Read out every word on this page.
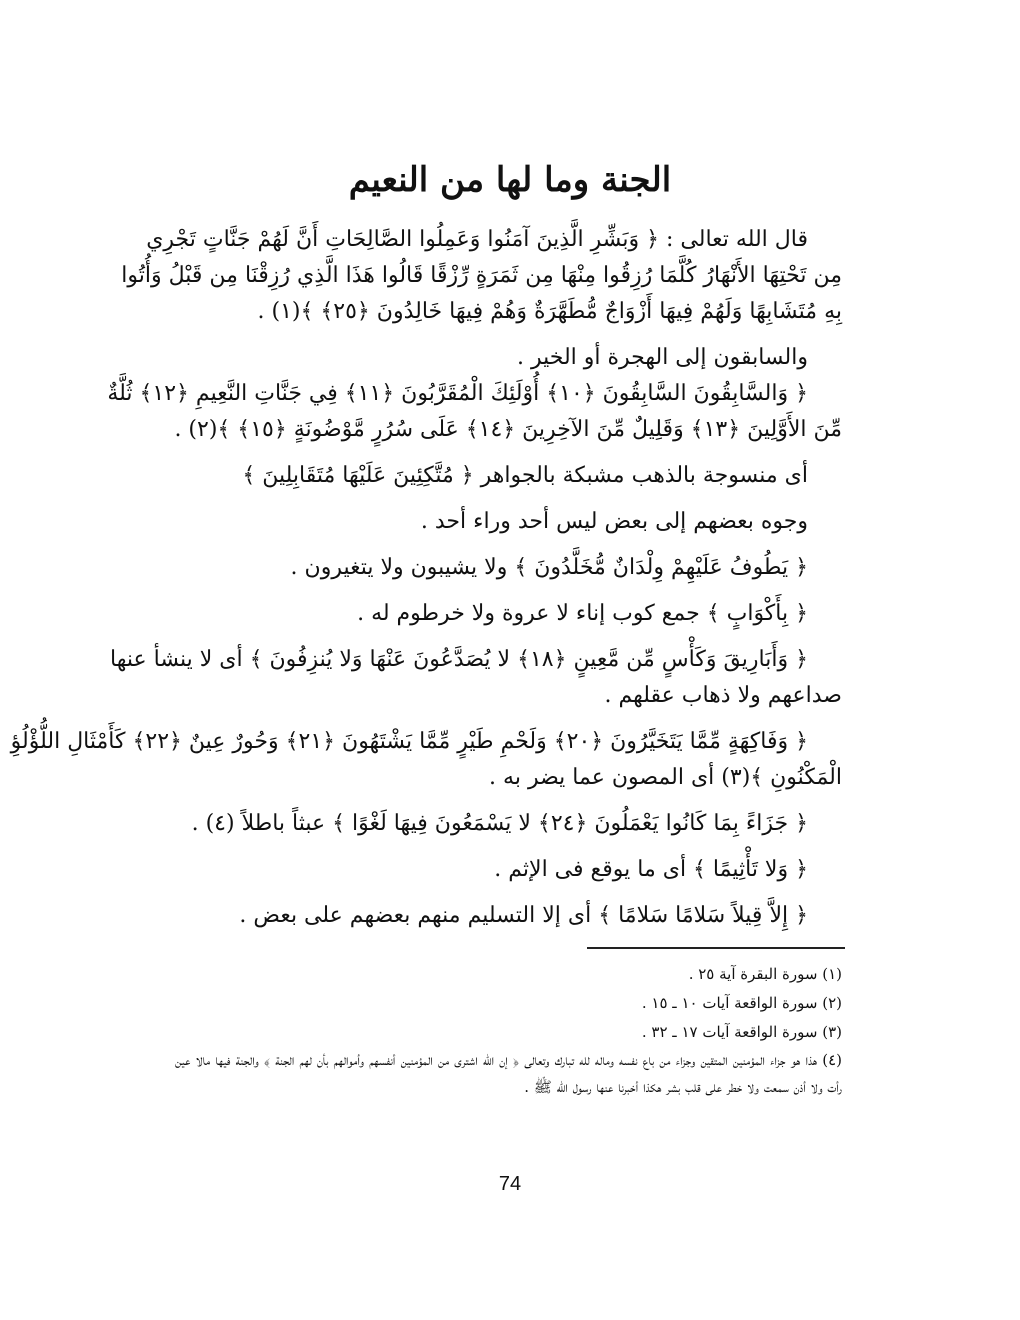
الجنة وما لها من النعيم
قال الله تعالى : ﴿ وَبَشِّرِ الَّذِينَ آمَنُوا وَعَمِلُوا الصَّالِحَاتِ أَنَّ لَهُمْ جَنَّاتٍ تَجْرِي
مِن تَحْتِهَا الأَنْهَارُ كُلَّمَا رُزِقُوا مِنْهَا مِن ثَمَرَةٍ رِّزْقًا قَالُوا هَذَا الَّذِي رُزِقْنَا مِن قَبْلُ وَأُتُوا
بِهِ مُتَشَابِهًا وَلَهُمْ فِيهَا أَزْوَاجٌ مُّطَهَّرَةٌ وَهُمْ فِيهَا خَالِدُونَ ﴿٢٥﴾ ﴾(١) .
والسابقون إلى الهجرة أو الخير .
﴿ وَالسَّابِقُونَ السَّابِقُونَ ﴿١٠﴾ أُوْلَئِكَ الْمُقَرَّبُونَ ﴿١١﴾ فِي جَنَّاتِ النَّعِيمِ ﴿١٢﴾ ثُلَّةٌ
مِّنَ الأَوَّلِينَ ﴿١٣﴾ وَقَلِيلٌ مِّنَ الآخِرِينَ ﴿١٤﴾ عَلَى سُرُرٍ مَّوْضُونَةٍ ﴿١٥﴾ ﴾(٢) .
أى منسوجة بالذهب مشبكة بالجواهر ﴿ مُتَّكِئِينَ عَلَيْهَا مُتَقَابِلِينَ ﴾
وجوه بعضهم إلى بعض ليس أحد وراء أحد .
﴿ يَطُوفُ عَلَيْهِمْ وِلْدَانٌ مُّخَلَّدُونَ ﴾ ولا يشيبون ولا يتغيرون .
﴿ بِأَكْوَابٍ ﴾ جمع كوب إناء لا عروة ولا خرطوم له .
﴿ وَأَبَارِيقَ وَكَأْسٍ مِّن مَّعِينٍ ﴿١٨﴾ لا يُصَدَّعُونَ عَنْهَا وَلا يُنزِفُونَ ﴾ أى لا ينشأ عنها
صداعهم ولا ذهاب عقلهم .
﴿ وَفَاكِهَةٍ مِّمَّا يَتَخَيَّرُونَ ﴿٢٠﴾ وَلَحْمِ طَيْرٍ مِّمَّا يَشْتَهُونَ ﴿٢١﴾ وَحُورٌ عِينٌ ﴿٢٢﴾ كَأَمْثَالِ اللُّؤْلُؤِ
الْمَكْنُونِ ﴾(٣) أى المصون عما يضر به .
﴿ جَزَاءً بِمَا كَانُوا يَعْمَلُونَ ﴿٢٤﴾ لا يَسْمَعُونَ فِيهَا لَغْوًا ﴾ عبثاً باطلاً (٤) .
﴿ وَلا تَأْثِيمًا ﴾ أى ما يوقع فى الإثم .
﴿ إِلاَّ قِيلاً سَلامًا سَلامًا ﴾ أى إلا التسليم منهم بعضهم على بعض .
(١) سورة البقرة آية ٢٥ .
(٢) سورة الواقعة آيات ١٠ ـ ١٥ .
(٣) سورة الواقعة آيات ١٧ ـ ٣٢ .
(٤) هذا هو جزاء المؤمنين المتقين وجزاء من باع نفسه وماله لله تبارك وتعالى ﴿ إن الله اشترى من المؤمنين أنفسهم وأموالهم بأن لهم الجنة ﴾ والجنة فيها مالا عين رأت ولا أذن سمعت ولا خطر على قلب بشر هكذا أخبرنا عنها رسول الله ﷺ .
74
